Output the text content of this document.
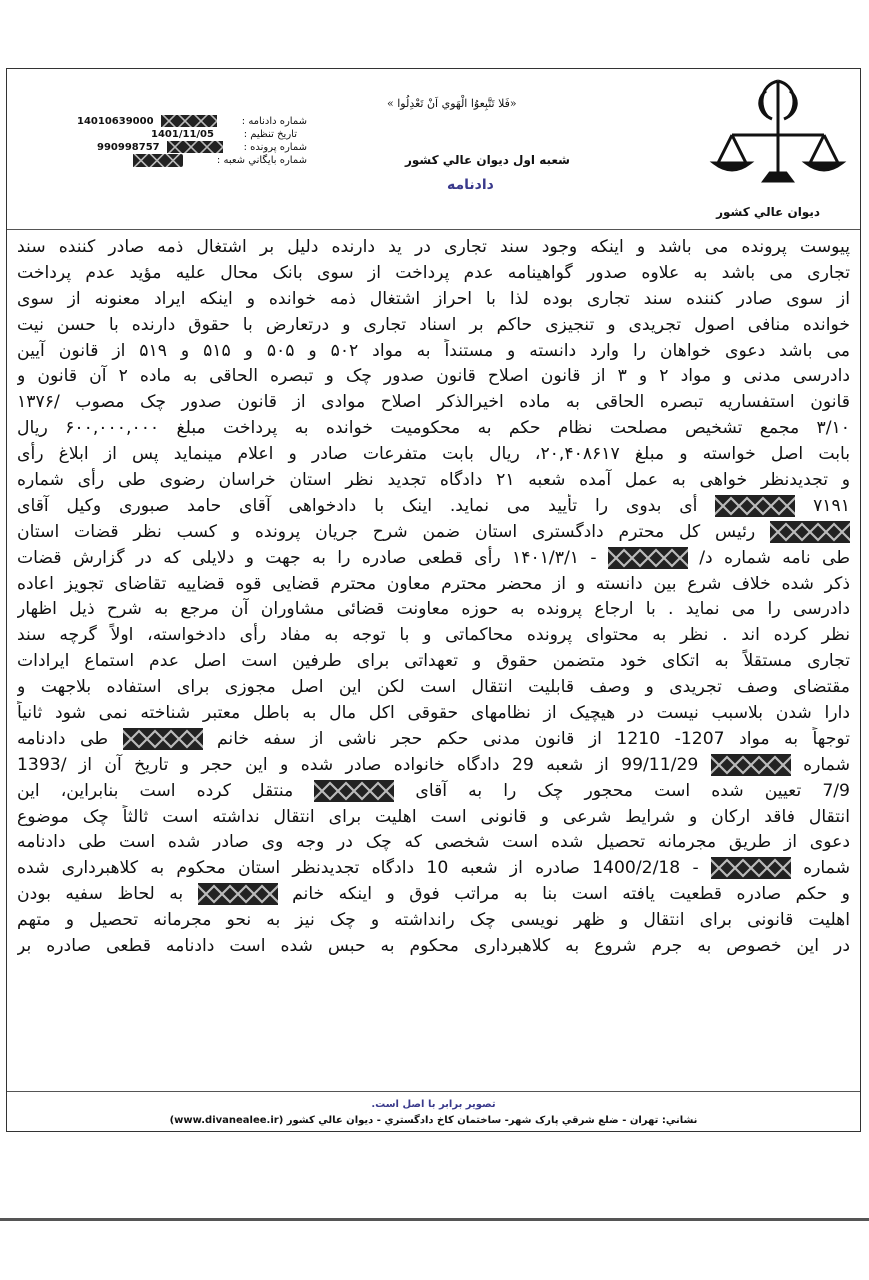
ديوان عالي كشور
«فَلا تَتَّبِعوُا الْهَوي اَنْ تَعْدِلُوا »
شعبه اول ديوان عالي كشور
دادنامه
شماره دادنامه :
14010639000
تاريخ تنظيم :
1401/11/05
شماره پرونده :
990998757
شماره بايگاني شعبه :
پیوست پرونده می باشد و اینکه وجود سند تجاری در ید دارنده دلیل بر اشتغال ذمه صادر کننده سند
تجاری می باشد به علاوه صدور گواهینامه عدم پرداخت از سوی بانک محال علیه مؤید عدم پرداخت
از سوی صادر کننده سند تجاری بوده لذا با احراز اشتغال ذمه خوانده و اینکه ایراد معنونه از سوی
خوانده منافی اصول تجریدی و تنجیزی حاکم بر اسناد تجاری و درتعارض با حقوق دارنده با حسن نیت
می باشد دعوی خواهان را وارد دانسته و مستنداً به مواد ۵۰۲ و ۵۰۵ و ۵۱۵ و ۵۱۹ از قانون آیین
دادرسی مدنی و مواد ۲ و ۳ از قانون اصلاح قانون صدور چک و تبصره الحاقی به ماده ۲ آن قانون و
قانون استفساریه تبصره الحاقی به ماده اخیرالذکر اصلاح موادی از قانون صدور چک مصوب /۱۳۷۶
۳/۱۰ مجمع تشخیص مصلحت نظام حکم به محکومیت خوانده به پرداخت مبلغ ۶۰۰,۰۰۰,۰۰۰ ریال
بابت اصل خواسته و مبلغ ۲۰,۴۰۸۶۱۷، ریال بابت متفرعات صادر و اعلام مینماید پس از ابلاغ رأی
و تجدیدنظر خواهی به عمل آمده شعبه ۲۱ دادگاه تجدید نظر استان خراسان رضوی طی رأی شماره
۷۱۹۱  أی بدوی را تأیید می نماید. اینک با دادخواهی آقای حامد صبوری وکیل آقای
رئیس کل محترم دادگستری استان ضمن شرح جریان پرونده و کسب نظر قضات استان
طی نامه شماره د/  - ۱۴۰۱/۳/۱ رأی قطعی صادره را به جهت و دلایلی که در گزارش قضات
ذکر شده خلاف شرع بین دانسته و از محضر محترم معاون محترم قضایی قوه قضاییه تقاضای تجویز اعاده
دادرسی را می نماید . با ارجاع پرونده به حوزه معاونت قضائی مشاوران آن مرجع به شرح ذیل اظهار
نظر کرده اند . نظر به محتوای پرونده محاکماتی و با توجه به مفاد رأی دادخواسته، اولاً گرچه سند
تجاری مستقلاً به اتکای خود متضمن حقوق و تعهداتی برای طرفین است اصل عدم استماع ایرادات
مقتضای وصف تجریدی و وصف قابلیت انتقال است لکن این اصل مجوزی برای استفاده بلاجهت و
دارا شدن بلاسبب نیست در هیچیک از نظامهای حقوقی اکل مال به باطل معتبر شناخته نمی شود ثانیاً
توجهاً به مواد 1207- 1210 از قانون مدنی حکم حجر ناشی از سفه خانم  طی دادنامه
شماره  99/11/29 از شعبه 29 دادگاه خانواده صادر شده و این حجر و تاریخ آن از /1393
7/9 تعیین شده است محجور چک را به آقای  منتقل کرده است بنابراین، این
انتقال فاقد ارکان و شرایط شرعی و قانونی است اهلیت برای انتقال نداشته است ثالثاً چک موضوع
دعوی از طریق مجرمانه تحصیل شده است شخصی که چک در وجه وی صادر شده است طی دادنامه
شماره  - 1400/2/18 صادره از شعبه 10 دادگاه تجدیدنظر استان محکوم به کلاهبرداری شده
و حکم صادره قطعیت یافته است بنا به مراتب فوق و اینکه خانم  به لحاظ سفیه بودن
اهلیت قانونی برای انتقال و ظهر نویسی چک رانداشته و چک نیز به نحو مجرمانه تحصیل و متهم
در این خصوص به جرم شروع به کلاهبرداری محکوم به حبس شده است دادنامه قطعی صادره بر
تصوير برابر با اصل است.
نشاني: تهران - ضلع شرقي پارک شهر- ساختمان كاخ دادگستري - ديوان عالي كشور (www.divanealee.ir)
